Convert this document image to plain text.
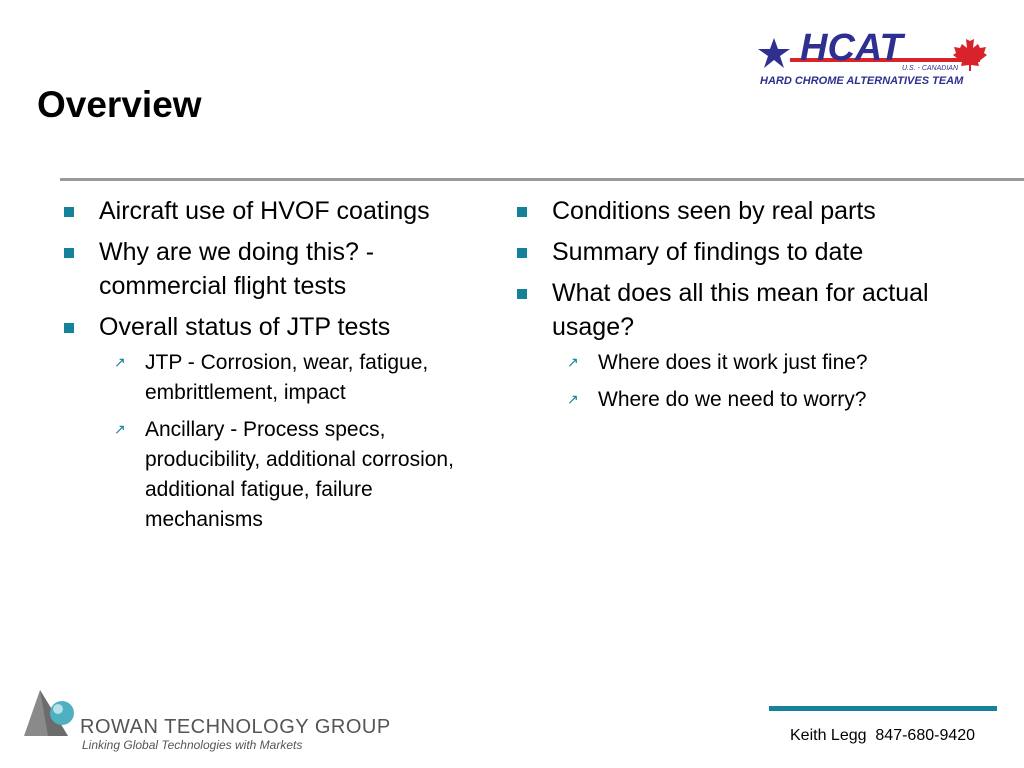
HCAT U.S. - CANADIAN
HARD CHROME ALTERNATIVES TEAM
Overview
Aircraft use of HVOF coatings
Why are we doing this? - commercial flight tests
Overall status of JTP tests
↗ JTP - Corrosion, wear, fatigue, embrittlement, impact
↗ Ancillary - Process specs, producibility, additional corrosion, additional fatigue, failure mechanisms
Conditions seen by real parts
Summary of findings to date
What does all this mean for actual usage?
↗ Where does it work just fine?
↗ Where do we need to worry?
ROWAN TECHNOLOGY GROUP
Linking Global Technologies with Markets
Keith Legg  847-680-9420
